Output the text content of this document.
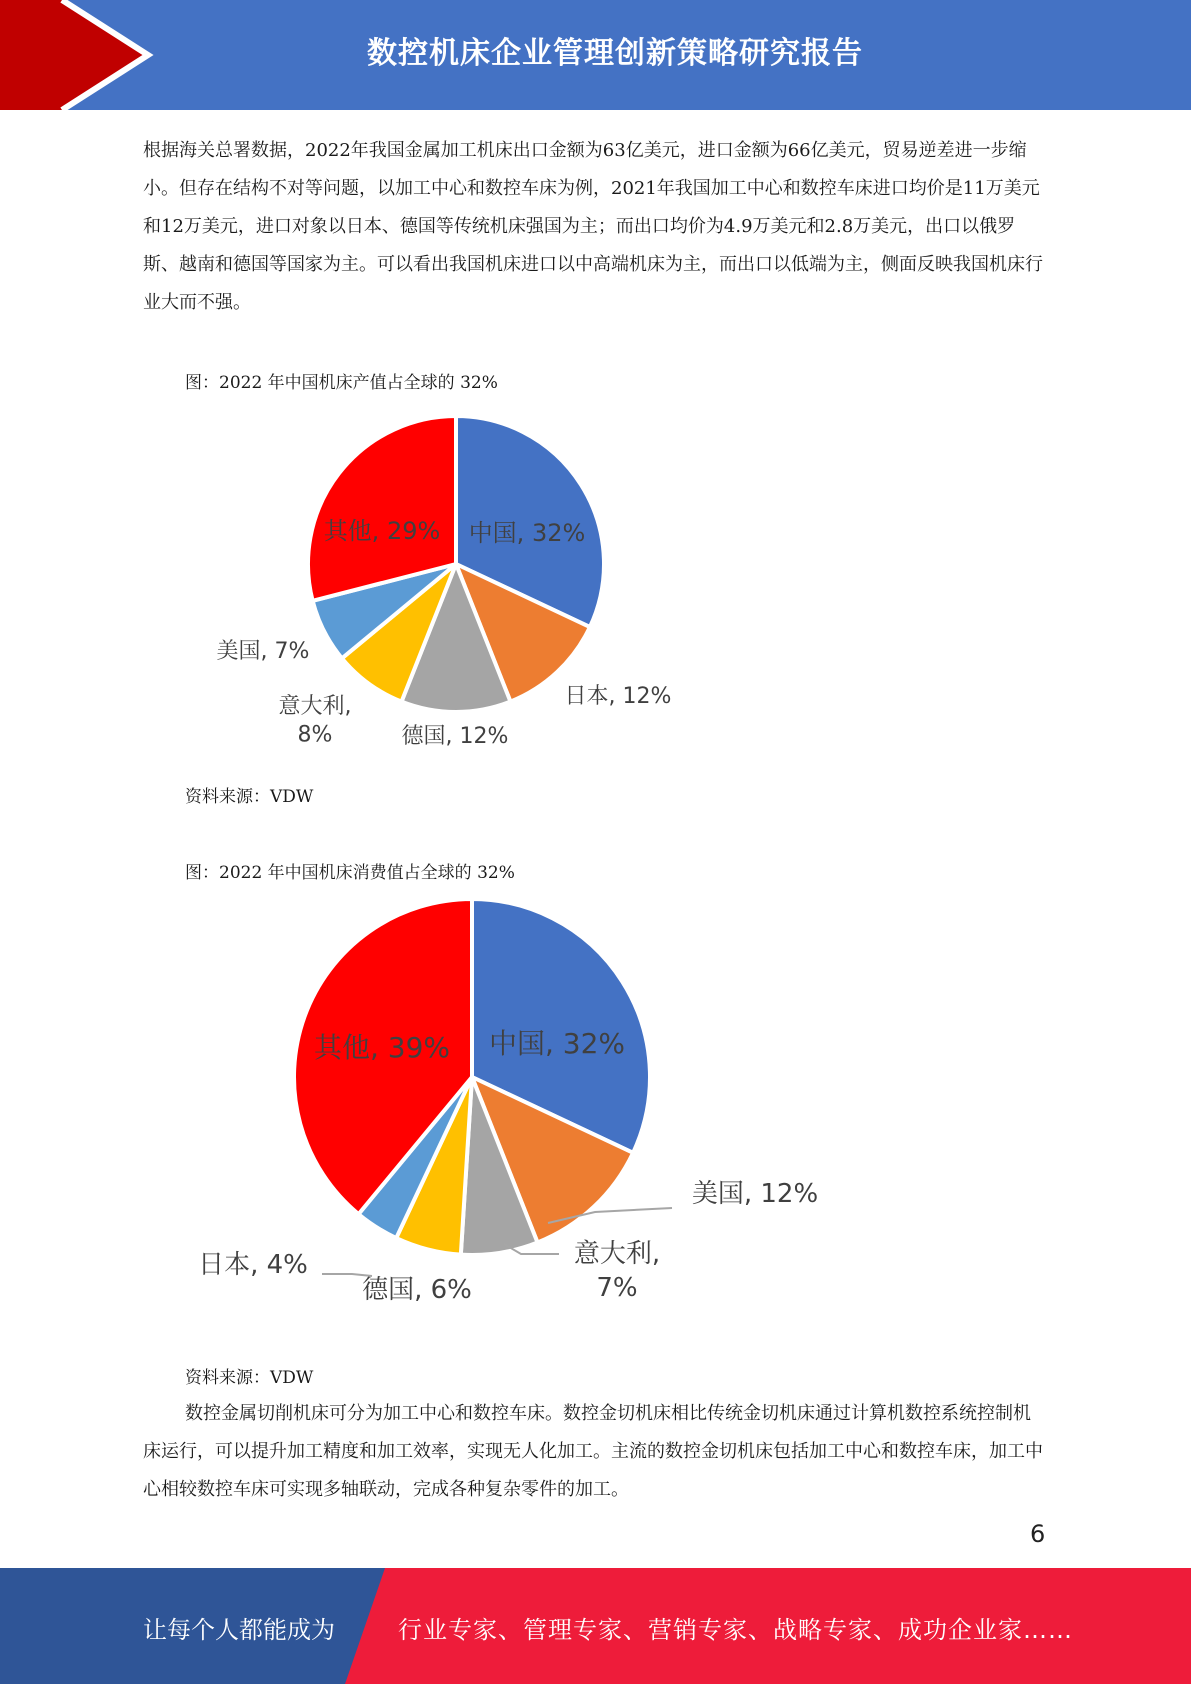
数控机床企业管理创新策略研究报告

根据海关总署数据，2022年我国金属加工机床出口金额为63亿美元，进口金额为66亿美元，贸易逆差进一步缩小。但存在结构不对等问题，以加工中心和数控车床为例，2021年我国加工中心和数控车床进口均价是11万美元和12万美元，进口对象以日本、德国等传统机床强国为主；而出口均价为4.9万美元和2.8万美元，出口以俄罗斯、越南和德国等国家为主。可以看出我国机床进口以中高端机床为主，而出口以低端为主，侧面反映我国机床行业大而不强。

图：2022 年中国机床产值占全球的 32%

中国, 32%
日本, 12%
德国, 12%
意大利, 8%
美国, 7%
其他, 29%

资料来源：VDW

图：2022 年中国机床消费值占全球的 32%

中国, 32%
美国, 12%
意大利, 7%
德国, 6%
日本, 4%
其他, 39%

资料来源：VDW

数控金属切削机床可分为加工中心和数控车床。数控金切机床相比传统金切机床通过计算机数控系统控制机床运行，可以提升加工精度和加工效率，实现无人化加工。主流的数控金切机床包括加工中心和数控车床，加工中心相较数控车床可实现多轴联动，完成各种复杂零件的加工。

6
让每个人都能成为	行业专家、管理专家、营销专家、战略专家、成功企业家……
